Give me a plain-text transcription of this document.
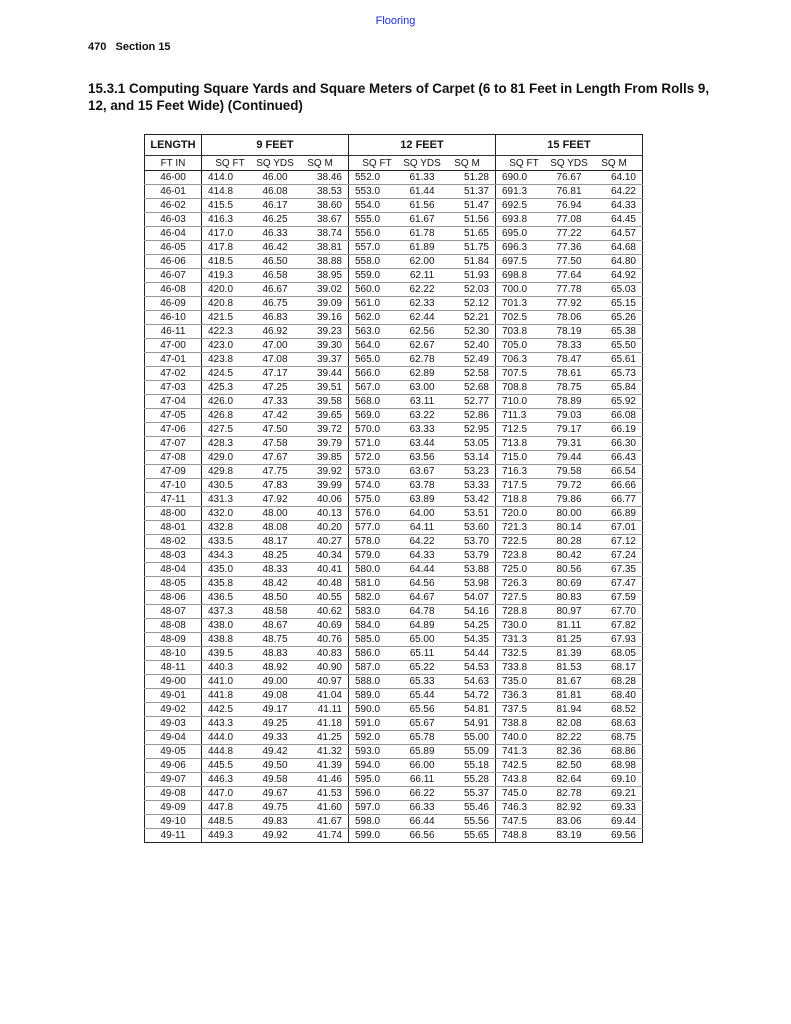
Flooring
470 Section 15
15.3.1 Computing Square Yards and Square Meters of Carpet (6 to 81 Feet in Length From Rolls 9, 12, and 15 Feet Wide) (Continued)
LENGTH	9 FEET			12 FEET			15 FEET		
FT IN	SQ FT	SQ YDS	SQ M	SQ FT	SQ YDS	SQ M	SQ FT	SQ YDS	SQ M
46-00	414.0	46.00	38.46	552.0	61.33	51.28	690.0	76.67	64.10
46-01	414.8	46.08	38.53	553.0	61.44	51.37	691.3	76.81	64.22
46-02	415.5	46.17	38.60	554.0	61.56	51.47	692.5	76.94	64.33
46-03	416.3	46.25	38.67	555.0	61.67	51.56	693.8	77.08	64.45
46-04	417.0	46.33	38.74	556.0	61.78	51.65	695.0	77.22	64.57
46-05	417.8	46.42	38.81	557.0	61.89	51.75	696.3	77.36	64.68
46-06	418.5	46.50	38.88	558.0	62.00	51.84	697.5	77.50	64.80
46-07	419.3	46.58	38.95	559.0	62.11	51.93	698.8	77.64	64.92
46-08	420.0	46.67	39.02	560.0	62.22	52.03	700.0	77.78	65.03
46-09	420.8	46.75	39.09	561.0	62.33	52.12	701.3	77.92	65.15
46-10	421.5	46.83	39.16	562.0	62.44	52.21	702.5	78.06	65.26
46-11	422.3	46.92	39.23	563.0	62.56	52.30	703.8	78.19	65.38
47-00	423.0	47.00	39.30	564.0	62.67	52.40	705.0	78.33	65.50
47-01	423.8	47.08	39.37	565.0	62.78	52.49	706.3	78.47	65.61
47-02	424.5	47.17	39.44	566.0	62.89	52.58	707.5	78.61	65.73
47-03	425.3	47.25	39.51	567.0	63.00	52.68	708.8	78.75	65.84
47-04	426.0	47.33	39.58	568.0	63.11	52.77	710.0	78.89	65.92
47-05	426.8	47.42	39.65	569.0	63.22	52.86	711.3	79.03	66.08
47-06	427.5	47.50	39.72	570.0	63.33	52.95	712.5	79.17	66.19
47-07	428.3	47.58	39.79	571.0	63.44	53.05	713.8	79.31	66.30
47-08	429.0	47.67	39.85	572.0	63.56	53.14	715.0	79.44	66.43
47-09	429.8	47.75	39.92	573.0	63.67	53.23	716.3	79.58	66.54
47-10	430.5	47.83	39.99	574.0	63.78	53.33	717.5	79.72	66.66
47-11	431.3	47.92	40.06	575.0	63.89	53.42	718.8	79.86	66.77
48-00	432.0	48.00	40.13	576.0	64.00	53.51	720.0	80.00	66.89
48-01	432.8	48.08	40.20	577.0	64.11	53.60	721.3	80.14	67.01
48-02	433.5	48.17	40.27	578.0	64.22	53.70	722.5	80.28	67.12
48-03	434.3	48.25	40.34	579.0	64.33	53.79	723.8	80.42	67.24
48-04	435.0	48.33	40.41	580.0	64.44	53.88	725.0	80.56	67.35
48-05	435.8	48.42	40.48	581.0	64.56	53.98	726.3	80.69	67.47
48-06	436.5	48.50	40.55	582.0	64.67	54.07	727.5	80.83	67.59
48-07	437.3	48.58	40.62	583.0	64.78	54.16	728.8	80.97	67.70
48-08	438.0	48.67	40.69	584.0	64.89	54.25	730.0	81.11	67.82
48-09	438.8	48.75	40.76	585.0	65.00	54.35	731.3	81.25	67.93
48-10	439.5	48.83	40.83	586.0	65.11	54.44	732.5	81.39	68.05
48-11	440.3	48.92	40.90	587.0	65.22	54.53	733.8	81.53	68.17
49-00	441.0	49.00	40.97	588.0	65.33	54.63	735.0	81.67	68.28
49-01	441.8	49.08	41.04	589.0	65.44	54.72	736.3	81.81	68.40
49-02	442.5	49.17	41.11	590.0	65.56	54.81	737.5	81.94	68.52
49-03	443.3	49.25	41.18	591.0	65.67	54.91	738.8	82.08	68.63
49-04	444.0	49.33	41.25	592.0	65.78	55.00	740.0	82.22	68.75
49-05	444.8	49.42	41.32	593.0	65.89	55.09	741.3	82.36	68.86
49-06	445.5	49.50	41.39	594.0	66.00	55.18	742.5	82.50	68.98
49-07	446.3	49.58	41.46	595.0	66.11	55.28	743.8	82.64	69.10
49-08	447.0	49.67	41.53	596.0	66.22	55.37	745.0	82.78	69.21
49-09	447.8	49.75	41.60	597.0	66.33	55.46	746.3	82.92	69.33
49-10	448.5	49.83	41.67	598.0	66.44	55.56	747.5	83.06	69.44
49-11	449.3	49.92	41.74	599.0	66.56	55.65	748.8	83.19	69.56
